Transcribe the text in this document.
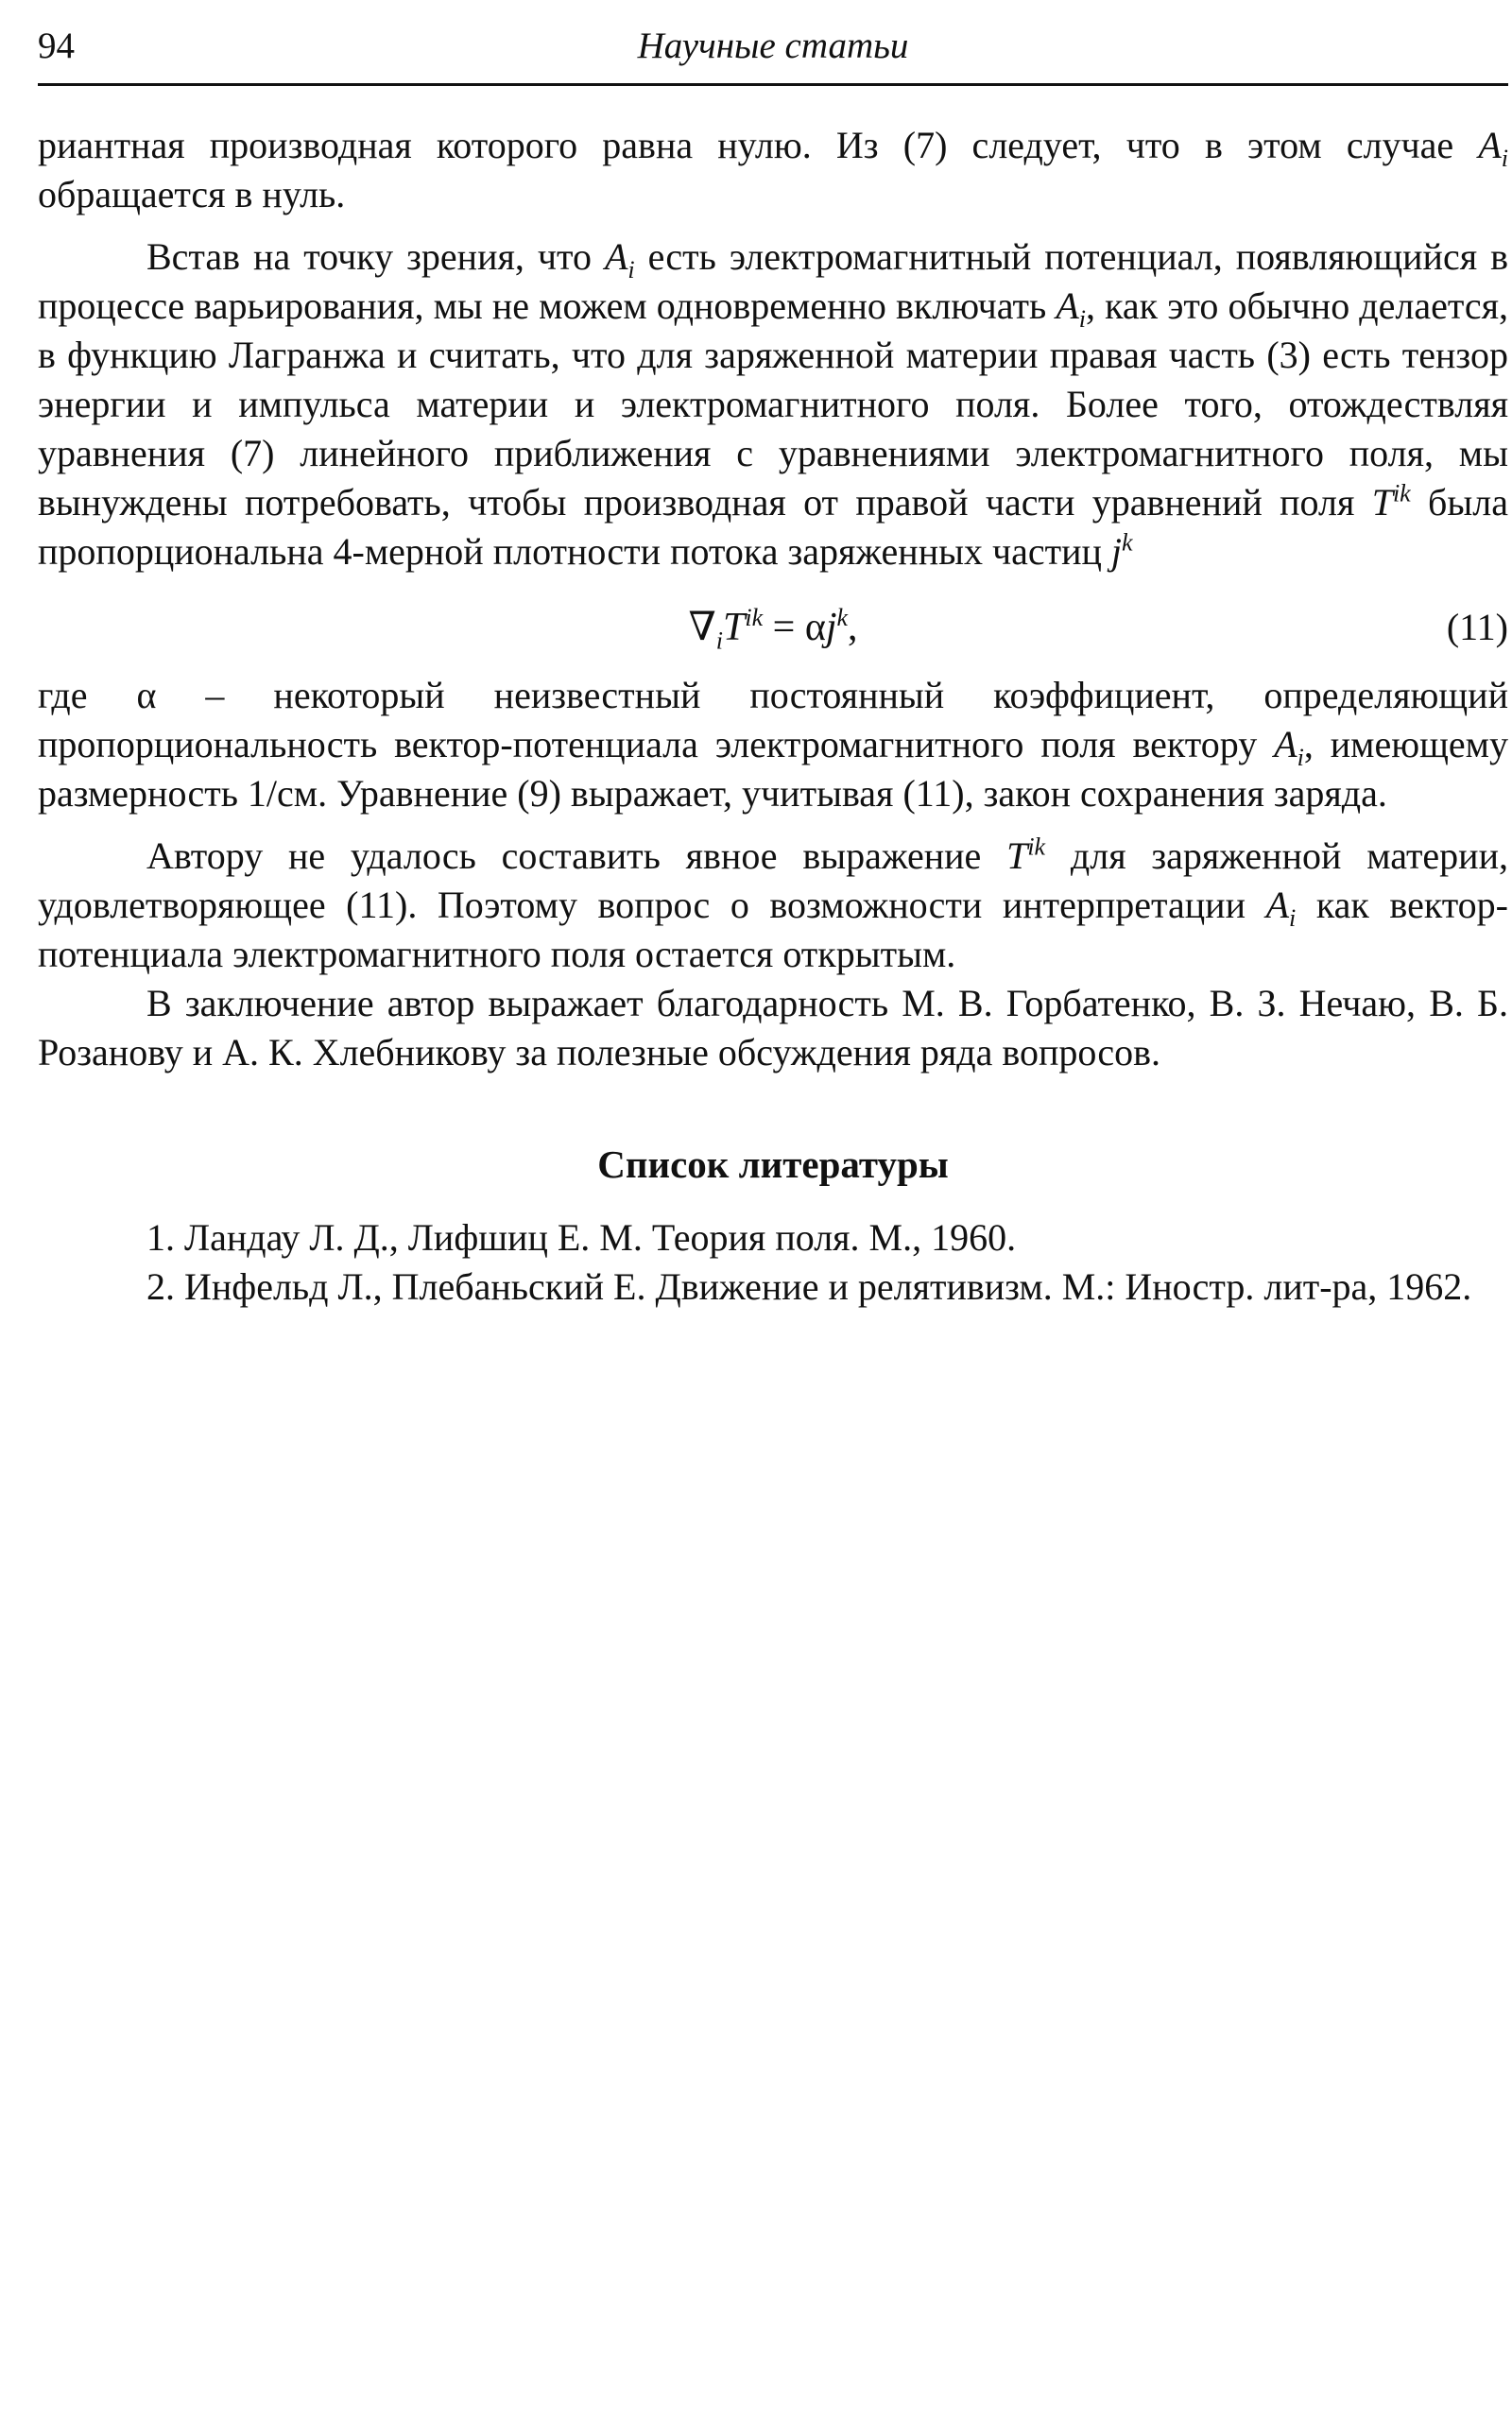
94	Научные статьи

риантная производная которого равна нулю. Из (7) следует, что в этом случае $A_i$ обращается в нуль.

Встав на точку зрения, что $A_i$ есть электромагнитный потенциал, появляющийся в процессе варьирования, мы не можем одновременно включать $A_i$, как это обычно делается, в функцию Лагранжа и считать, что для заряженной материи правая часть (3) есть тензор энергии и импульса материи и электромагнитного поля. Более того, отождествляя уравнения (7) линейного приближения с уравнениями электромагнитного поля, мы вынуждены потребовать, чтобы производная от правой части уравнений поля $T^{ik}$ была пропорциональна 4-мерной плотности потока заряженных частиц $j^k$

$\nabla_iT^{ik} = \alpha j^k$,	(11)

где α – некоторый неизвестный постоянный коэффициент, определяющий пропорциональность вектор-потенциала электромагнитного поля вектору $A_i$, имеющему размерность 1/см. Уравнение (9) выражает, учитывая (11), закон сохранения заряда.

Автору не удалось составить явное выражение $T^{ik}$ для заряженной материи, удовлетворяющее (11). Поэтому вопрос о возможности интерпретации $A_i$ как вектор-потенциала электромагнитного поля остается открытым.

В заключение автор выражает благодарность М. В. Горбатенко, В. З. Нечаю, В. Б. Розанову и А. К. Хлебникову за полезные обсуждения ряда вопросов.

Список литературы

1. Ландау Л. Д., Лифшиц Е. М. Теория поля. М., 1960.

2. Инфельд Л., Плебаньский Е. Движение и релятивизм. М.: Иностр. лит-ра, 1962.
